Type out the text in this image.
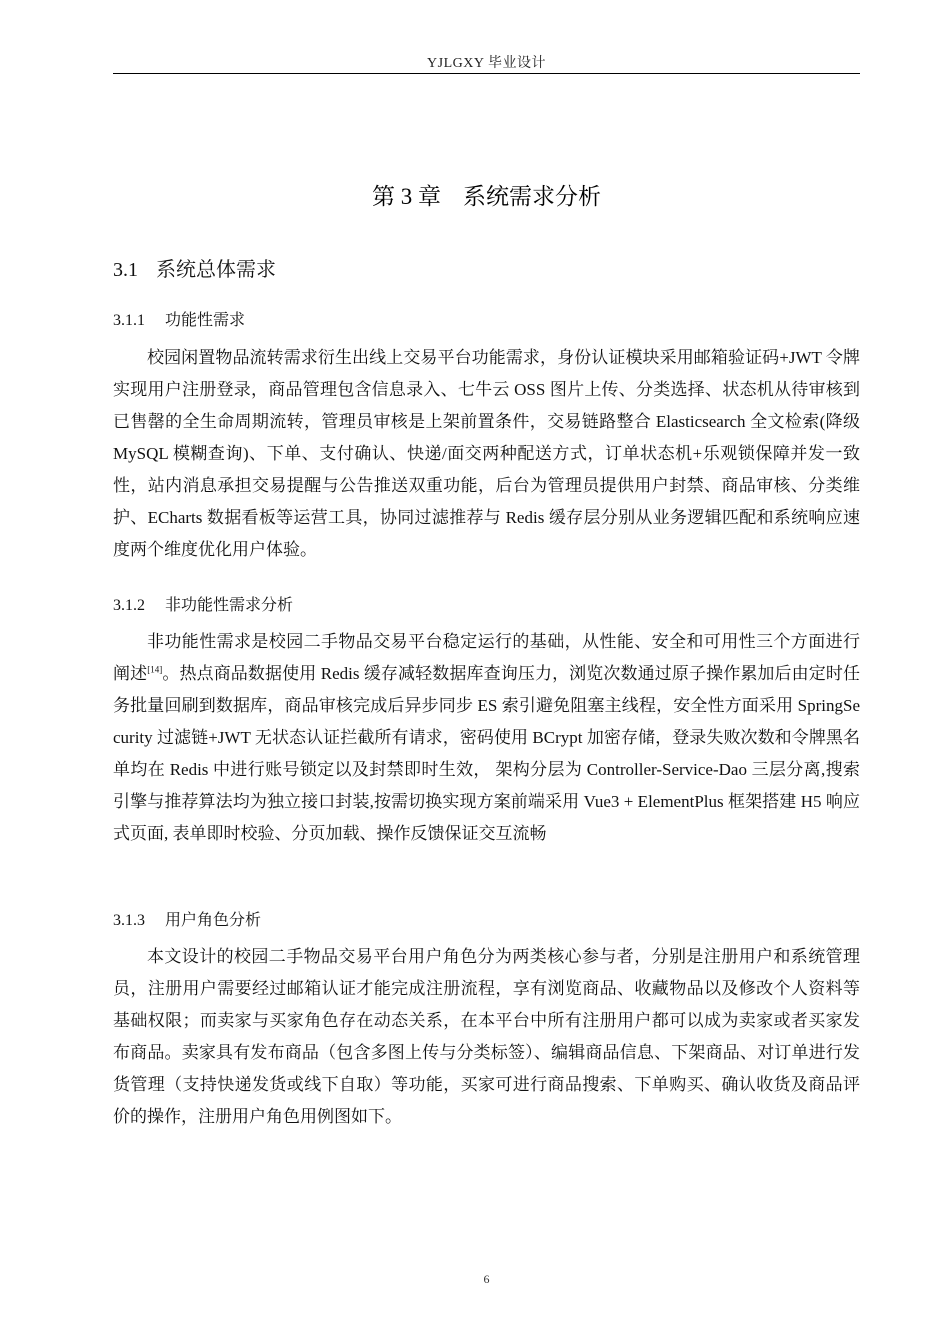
YJLGXY 毕业设计
第 3 章 系统需求分析
3.1 系统总体需求
3.1.1 功能性需求
校园闲置物品流转需求衍生出线上交易平台功能需求，身份认证模块采用邮箱验证码+JWT 令牌实现用户注册登录，商品管理包含信息录入、七牛云 OSS 图片上传、分类选择、状态机从待审核到已售罄的全生命周期流转，管理员审核是上架前置条件，交易链路整合 Elasticsearch 全文检索(降级 MySQL 模糊查询)、下单、支付确认、快递/面交两种配送方式，订单状态机+乐观锁保障并发一致性，站内消息承担交易提醒与公告推送双重功能，后台为管理员提供用户封禁、商品审核、分类维护、ECharts 数据看板等运营工具，协同过滤推荐与 Redis 缓存层分别从业务逻辑匹配和系统响应速度两个维度优化用户体验。
3.1.2 非功能性需求分析
非功能性需求是校园二手物品交易平台稳定运行的基础，从性能、安全和可用性三个方面进行阐述[14]。热点商品数据使用 Redis 缓存减轻数据库查询压力，浏览次数通过原子操作累加后由定时任务批量回刷到数据库，商品审核完成后异步同步 ES 索引避免阻塞主线程，安全性方面采用 SpringSecurity 过滤链+JWT 无状态认证拦截所有请求，密码使用 BCrypt 加密存储，登录失败次数和令牌黑名单均在 Redis 中进行账号锁定以及封禁即时生效， 架构分层为 Controller-Service-Dao 三层分离,搜索引擎与推荐算法均为独立接口封装,按需切换实现方案前端采用 Vue3 + ElementPlus 框架搭建 H5 响应式页面, 表单即时校验、分页加载、操作反馈保证交互流畅
3.1.3 用户角色分析
本文设计的校园二手物品交易平台用户角色分为两类核心参与者，分别是注册用户和系统管理员，注册用户需要经过邮箱认证才能完成注册流程，享有浏览商品、收藏物品以及修改个人资料等基础权限；而卖家与买家角色存在动态关系，在本平台中所有注册用户都可以成为卖家或者买家发布商品。卖家具有发布商品（包含多图上传与分类标签）、编辑商品信息、下架商品、对订单进行发货管理（支持快递发货或线下自取）等功能，买家可进行商品搜索、下单购买、确认收货及商品评价的操作，注册用户角色用例图如下。
6
